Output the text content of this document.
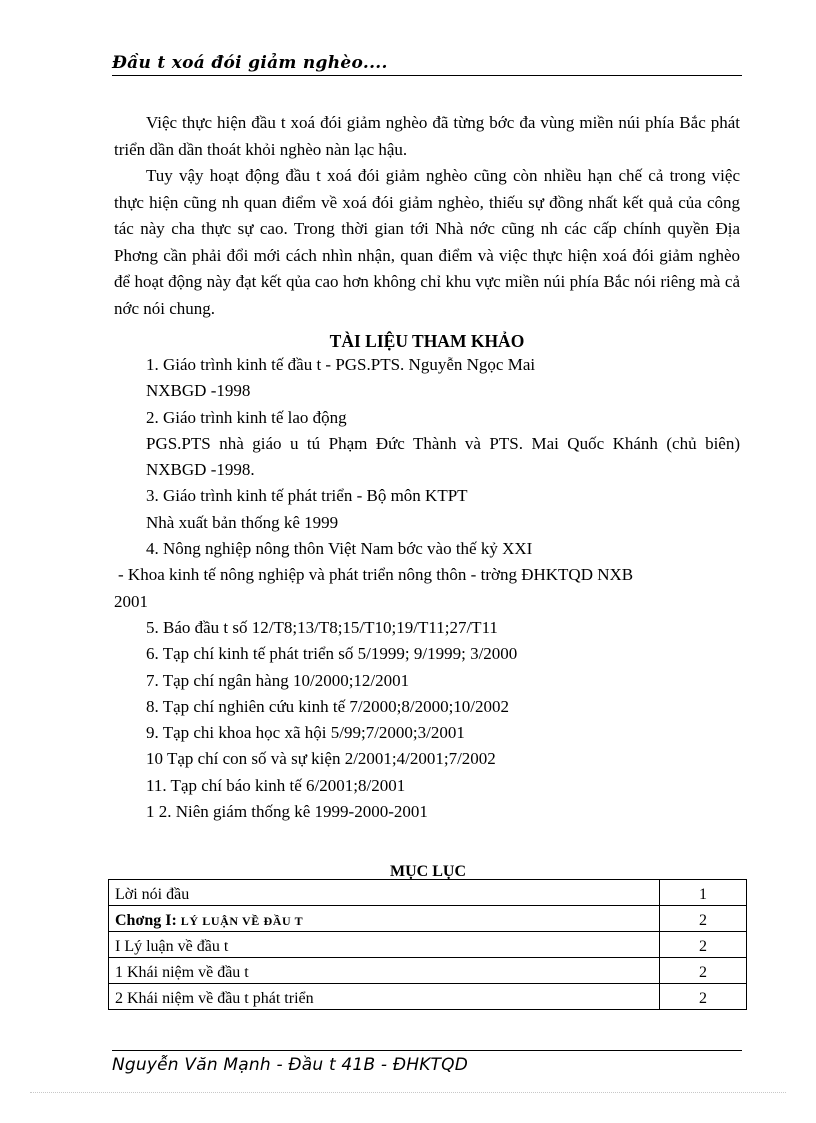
Đầu t xoá đói giảm nghèo....

Việc thực hiện đầu t xoá đói giảm nghèo đã từng bớc đa vùng miền núi phía Bắc phát triển dần dần thoát khỏi nghèo nàn lạc hậu.

Tuy vậy hoạt động đầu t xoá đói giảm nghèo cũng còn nhiều hạn chế cả trong việc thực hiện cũng nh quan điểm về xoá đói giảm nghèo, thiếu sự đồng nhất kết quả của công tác này cha thực sự cao. Trong thời gian tới Nhà nớc cũng nh các cấp chính quyền Địa Phơng cần phải đổi mới cách nhìn nhận, quan điểm và việc thực hiện xoá đói giảm nghèo để hoạt động này đạt kết qủa cao hơn không chỉ khu vực miền núi phía Bắc nói riêng mà cả nớc nói chung.

TÀI LIỆU THAM KHẢO
1. Giáo trình kinh tế đầu t - PGS.PTS. Nguyễn Ngọc Mai
NXBGD -1998
2. Giáo trình kinh tế lao động
PGS.PTS nhà giáo u tú Phạm Đức Thành và PTS. Mai Quốc Khánh (chủ biên) NXBGD -1998.
3. Giáo trình kinh tế phát triển - Bộ môn KTPT
Nhà xuất bản thống kê 1999
4. Nông nghiệp nông thôn Việt Nam bớc vào thế kỷ XXI
- Khoa kinh tế nông nghiệp và phát triển nông thôn - trờng ĐHKTQD NXB
2001
5. Báo đầu t số 12/T8;13/T8;15/T10;19/T11;27/T11
6. Tạp chí kinh tế phát triển số 5/1999; 9/1999; 3/2000
7. Tạp chí ngân hàng 10/2000;12/2001
8. Tạp chí nghiên cứu kinh tế 7/2000;8/2000;10/2002
9. Tạp chi khoa học xã hội 5/99;7/2000;3/2001
10 Tạp chí con số và sự kiện 2/2001;4/2001;7/2002
11. Tạp chí báo kinh tế 6/2001;8/2001
1 2. Niên giám thống kê 1999-2000-2001
MỤC LỤC
Lời nói đầu	1
Chơng I: LÝ LUẬN VỀ ĐẦU T	2
I Lý luận về đầu t	2
1 Khái niệm về đầu t	2
2 Khái niệm về đầu t phát triển	2
Nguyễn Văn Mạnh - Đầu t 41B - ĐHKTQD
